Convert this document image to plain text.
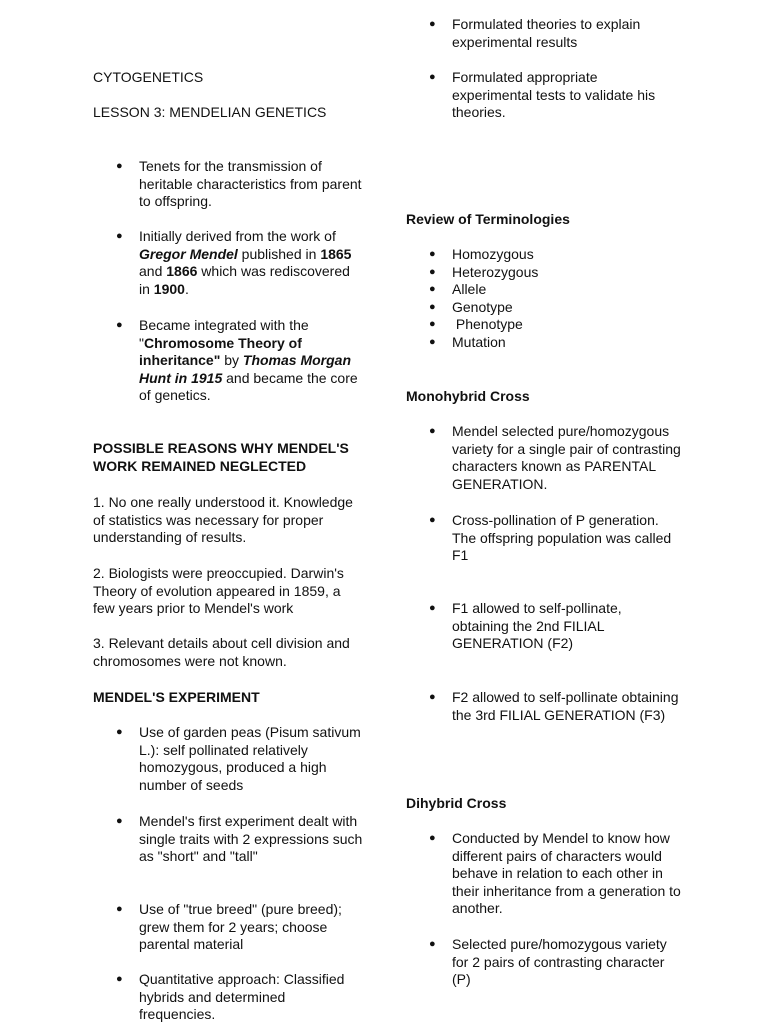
CYTOGENETICS

LESSON 3: MENDELIAN GENETICS

● Tenets for the transmission of heritable characteristics from parent to offspring.
● Initially derived from the work of Gregor Mendel published in 1865 and 1866 which was rediscovered in 1900.
● Became integrated with the "Chromosome Theory of inheritance" by Thomas Morgan Hunt in 1915 and became the core of genetics.

POSSIBLE REASONS WHY MENDEL'S WORK REMAINED NEGLECTED

1. No one really understood it. Knowledge of statistics was necessary for proper understanding of results.

2. Biologists were preoccupied. Darwin's Theory of evolution appeared in 1859, a few years prior to Mendel's work

3. Relevant details about cell division and chromosomes were not known.

MENDEL'S EXPERIMENT

● Use of garden peas (Pisum sativum L.): self pollinated relatively homozygous, produced a high number of seeds
● Mendel's first experiment dealt with single traits with 2 expressions such as "short" and "tall"
● Use of "true breed" (pure breed); grew them for 2 years; choose parental material
● Quantitative approach: Classified hybrids and determined frequencies.
● Formulated theories to explain experimental results
● Formulated appropriate experimental tests to validate his theories.

Review of Terminologies

● Homozygous
● Heterozygous
● Allele
● Genotype
●  Phenotype
● Mutation

Monohybrid Cross

● Mendel selected pure/homozygous variety for a single pair of contrasting characters known as PARENTAL GENERATION.
● Cross-pollination of P generation. The offspring population was called F1
● F1 allowed to self-pollinate, obtaining the 2nd FILIAL GENERATION (F2)
● F2 allowed to self-pollinate obtaining the 3rd FILIAL GENERATION (F3)

Dihybrid Cross

● Conducted by Mendel to know how different pairs of characters would behave in relation to each other in their inheritance from a generation to another.
● Selected pure/homozygous variety for 2 pairs of contrasting character (P)
